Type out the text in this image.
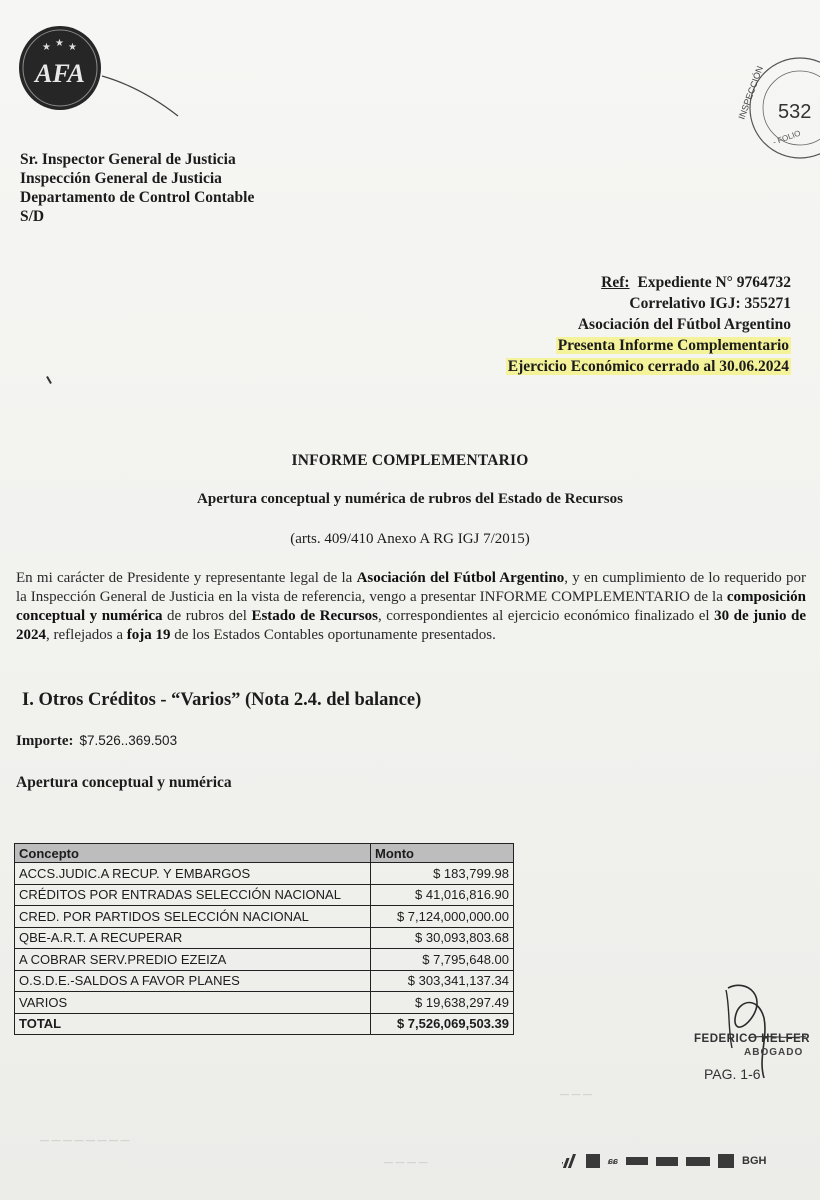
★ ★ ★
AFA	INSPECCIÓN
- FOLIO
532
Sr. Inspector General de Justicia
Inspección General de Justicia
Departamento de Control Contable
S/D
Ref: Expediente N° 9764732
Correlativo IGJ: 355271
Asociación del Fútbol Argentino
Presenta Informe Complementario
Ejercicio Económico cerrado al 30.06.2024
INFORME COMPLEMENTARIO
Apertura conceptual y numérica de rubros del Estado de Recursos
(arts. 409/410 Anexo A RG IGJ 7/2015)
En mi carácter de Presidente y representante legal de la Asociación del Fútbol Argentino, y en cumplimiento de lo requerido por la Inspección General de Justicia en la vista de referencia, vengo a presentar INFORME COMPLEMENTARIO de la composición conceptual y numérica de rubros del Estado de Recursos, correspondientes al ejercicio económico finalizado el 30 de junio de 2024, reflejados a foja 19 de los Estados Contables oportunamente presentados.
I. Otros Créditos - “Varios” (Nota 2.4. del balance)
Importe: $7.526..369.503
Apertura conceptual y numérica
Concepto	Monto
ACCS.JUDIC.A RECUP. Y EMBARGOS	$ 183,799.98
CRÉDITOS POR ENTRADAS SELECCIÓN NACIONAL	$ 41,016,816.90
CRED. POR PARTIDOS SELECCIÓN NACIONAL	$ 7,124,000,000.00
QBE-A.R.T. A RECUPERAR	$ 30,093,803.68
A COBRAR SERV.PREDIO EZEIZA	$ 7,795,648.00
O.S.D.E.-SALDOS A FAVOR PLANES	$ 303,341,137.34
VARIOS	$ 19,638,297.49
TOTAL	$ 7,526,069,503.39
FEDERICO HELFER
ABOGADO
PAG. 1-6
— — —
— — — — — — — —
— — — —	ɕɕ	BGH
